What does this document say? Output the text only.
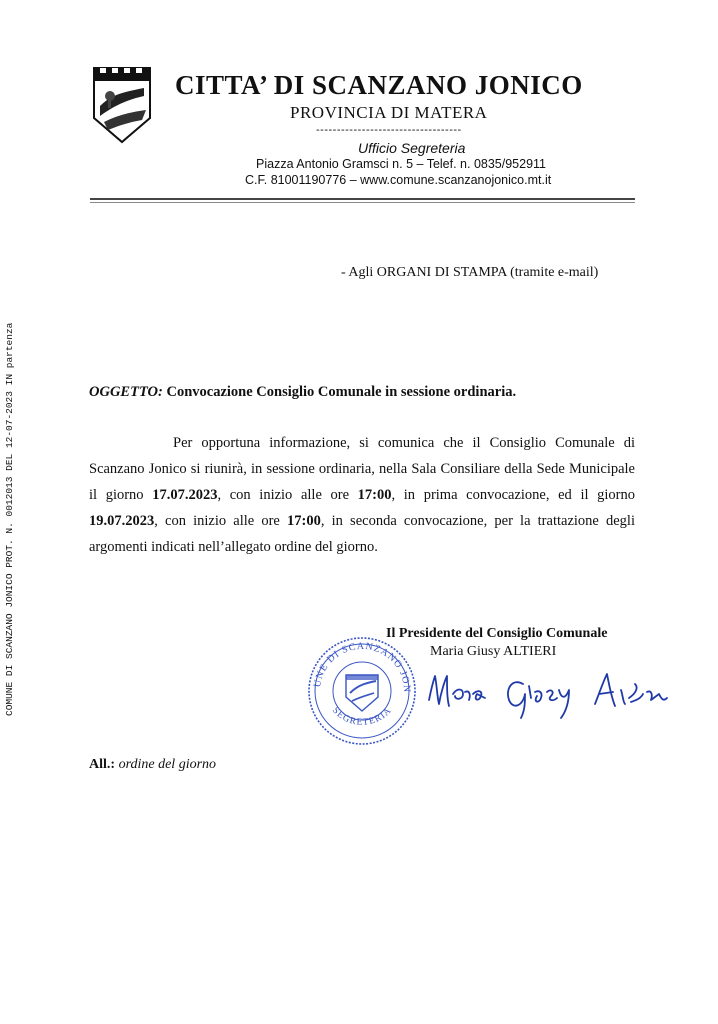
CITTA’ DI SCANZANO JONICO
PROVINCIA DI MATERA
-----------------------------------
Ufficio Segreteria
Piazza Antonio Gramsci n. 5 – Telef. n. 0835/952911
C.F. 81001190776 – www.comune.scanzanojonico.mt.it
COMUNE DI SCANZANO JONICO PROT. N. 0012013 DEL 12-07-2023 IN partenza
- Agli ORGANI DI STAMPA (tramite e-mail)
OGGETTO: Convocazione Consiglio Comunale in sessione ordinaria.

Per opportuna informazione, si comunica che il Consiglio Comunale di Scanzano Jonico si riunirà, in sessione ordinaria, nella Sala Consiliare della Sede Municipale il giorno 17.07.2023, con inizio alle ore 17:00, in prima convocazione, ed il giorno 19.07.2023, con inizio alle ore 17:00, in seconda convocazione, per la trattazione degli argomenti indicati nell’allegato ordine del giorno.

Il Presidente del Consiglio Comunale
Maria Giusy ALTIERI
UNE DI SCANZANO JON
SEGRETERIA
All.: ordine del giorno
